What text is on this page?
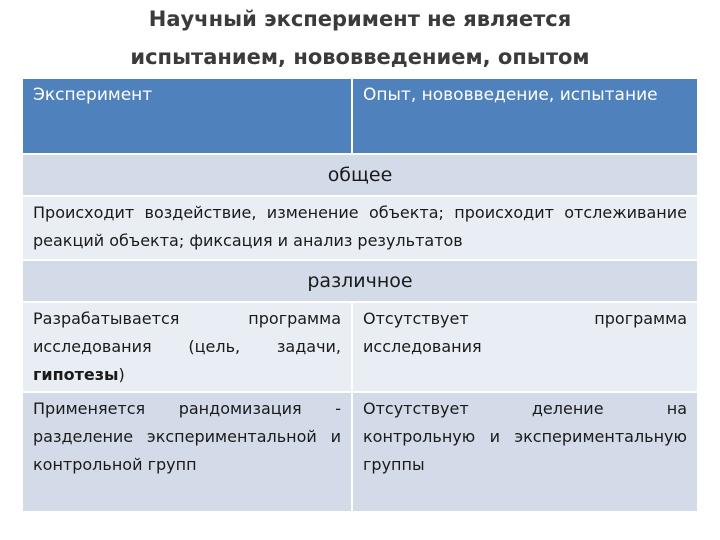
Научный эксперимент не является
испытанием, нововведением, опытом
Эксперимент	Опыт, нововведение, испытание
общее	
Происходит воздействие, изменение объекта; происходит отслеживание реакций объекта; фиксация и анализ результатов	
различное	
Разрабатывается программа исследования (цель, задачи, гипотезы)	Отсутствует программа исследования
Применяется рандомизация - разделение экспериментальной и контрольной групп	Отсутствует деление на контрольную и экспериментальную группы
